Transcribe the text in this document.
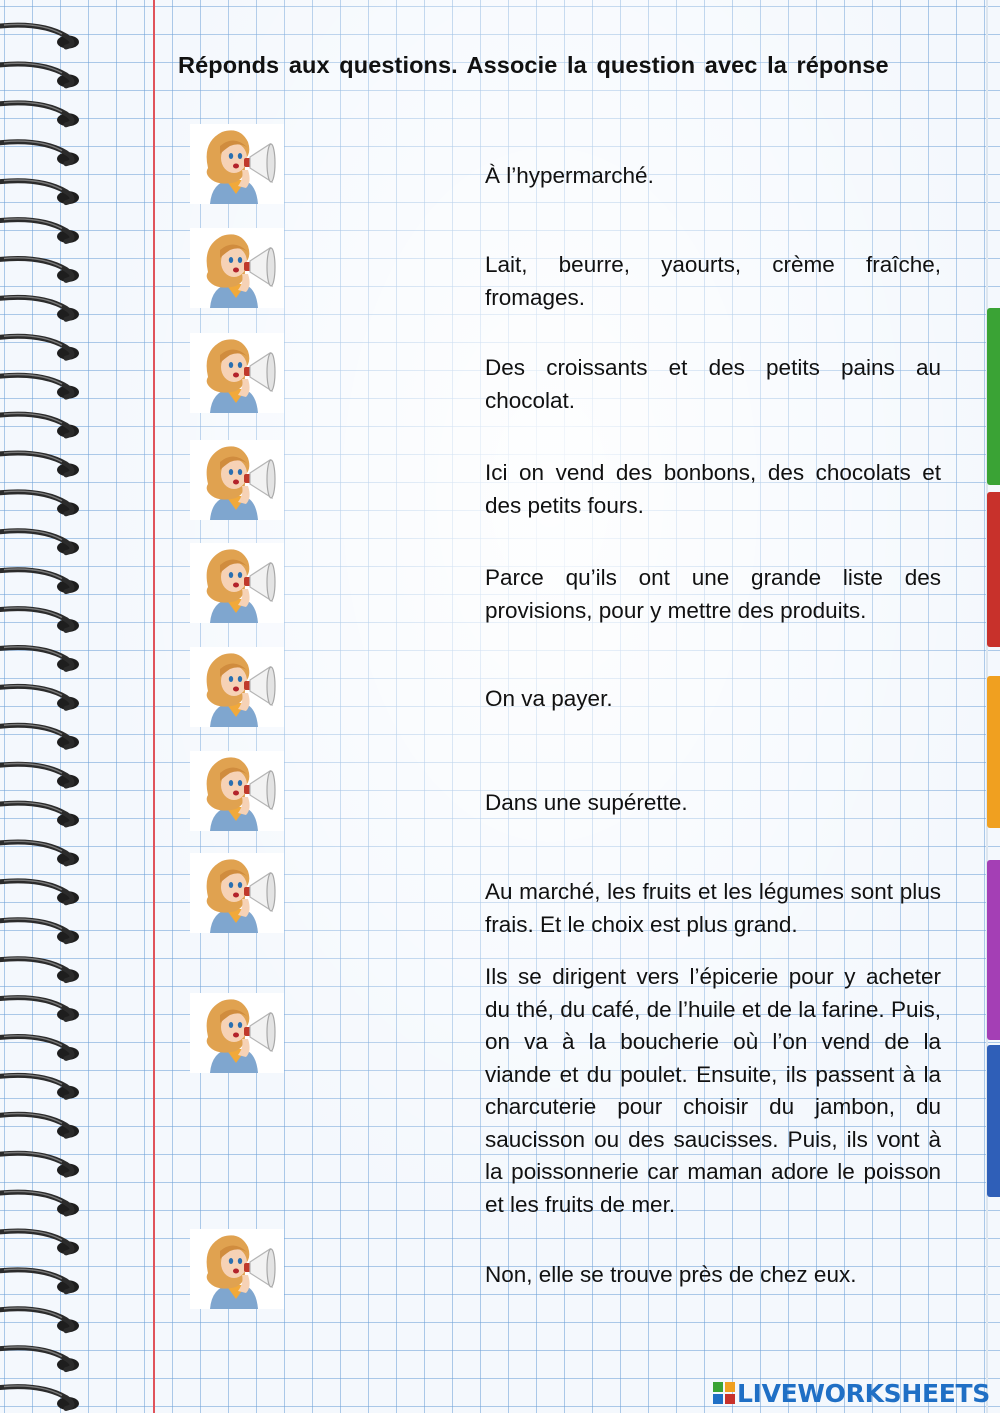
Réponds aux questions. Associe la question avec la réponse
À l’hypermarché.
Lait, beurre, yaourts, crème fraîche, fromages.
Des croissants et des petits pains au chocolat.
Ici on vend des bonbons, des chocolats et des petits fours.
Parce qu’ils ont une grande liste des provisions, pour y mettre des produits.
On va payer.
Dans une supérette.
Au marché, les fruits et les légumes sont plus frais. Et le choix est plus grand.
Ils se dirigent vers l’épicerie pour y acheter du thé, du café, de l’huile et de la farine. Puis, on va à la boucherie où l’on vend de la viande et du poulet. Ensuite, ils passent à la charcuterie pour choisir du jambon, du saucisson ou des saucisses. Puis, ils vont à la poissonnerie car maman adore le poisson et les fruits de mer.
Non, elle se trouve près de chez eux.
LIVEWORKSHEETS
